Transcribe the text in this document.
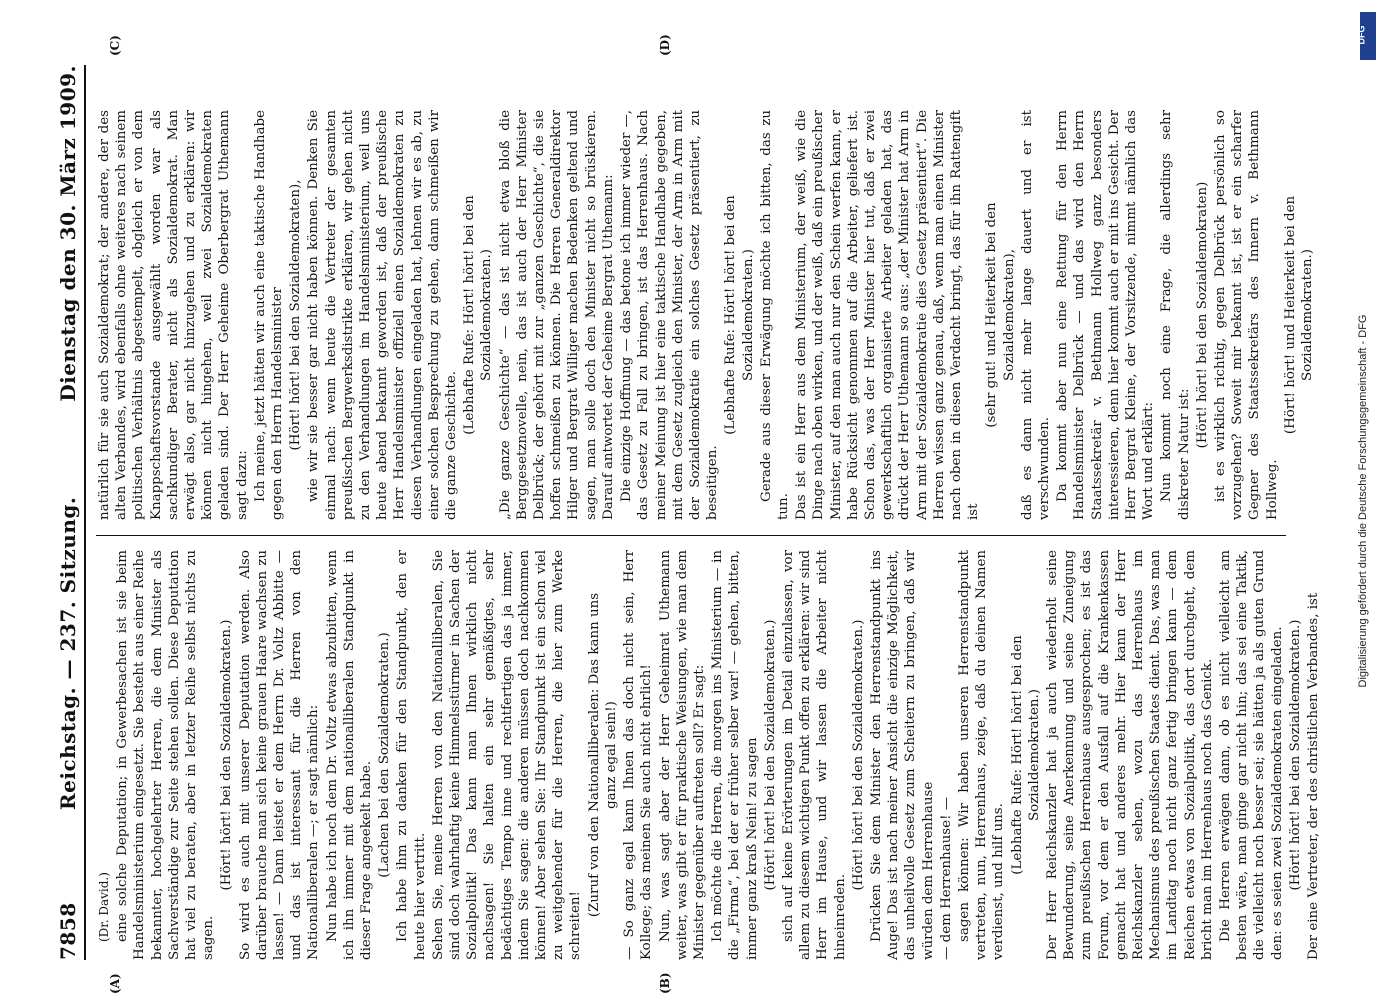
7858
Reichstag. — 237. Sitzung.
Dienstag den 30. März 1909.
(A)	(B)
(C)	(D)

(Dr. David.) eine solche Deputation; in Gewerbesachen ist sie beim Handelsministerium eingesetzt. Sie besteht aus einer Reihe bekannter, hochgelehrter Herren, die dem Minister als Sachverständige zur Seite stehen sollen. Diese Deputation hat viel zu beraten, aber in letzter Reihe selbst nichts zu sagen.

(Hört! hört! bei den Sozialdemokraten.) So wird es auch mit unserer Deputation werden. Also darüber brauche man sich keine grauen Haare wachsen zu lassen! — Dann leistet er dem Herrn Dr. Voltz Abbitte — und das ist interessant für die Herren von den Nationalliberalen —; er sagt nämlich: Nun habe ich noch dem Dr. Voltz etwas abzubitten, wenn ich ihn immer mit dem nationalliberalen Standpunkt in dieser Frage angeekelt habe. (Lachen bei den Sozialdemokraten.) Ich habe ihm zu danken für den Standpunkt, den er heute hier vertritt. Sehen Sie, meine Herren von den Nationalliberalen, Sie sind doch wahrhaftig keine Himmelsstürmer in Sachen der Sozialpolitik! Das kann man Ihnen wirklich nicht nachsagen! Sie halten ein sehr gemäßigtes, sehr bedächtiges Tempo inne und rechtfertigen das ja immer, indem Sie sagen: die anderen müssen doch nachkommen können! Aber sehen Sie: Ihr Standpunkt ist ein schon viel zu weitgehender für die Herren, die hier zum Werke schreiten!

(Zuruf von den Nationalliberalen: Das kann uns ganz egal sein!) — So ganz egal kann Ihnen das doch nicht sein, Herr Kollege; das meinen Sie auch nicht ehrlich! Nun, was sagt aber der Herr Geheimrat Uthemann weiter, was gibt er für praktische Weisungen, wie man dem Minister gegenüber auftreten soll? Er sagt: Ich möchte die Herren, die morgen ins Ministerium — in die „Firma“, bei der er früher selber war! — gehen, bitten, immer ganz kraß Nein! zu sagen (Hört! hört! bei den Sozialdemokraten.) sich auf keine Erörterungen im Detail einzulassen, vor allem zu diesem wichtigen Punkt offen zu erklären: wir sind Herr im Hause, und wir lassen die Arbeiter nicht hineinreden.

(Hört! hört! bei den Sozialdemokraten.) Drücken Sie dem Minister den Herrenstandpunkt ins Auge! Das ist nach meiner Ansicht die einzige Möglichkeit, das unheilvolle Gesetz zum Scheitern zu bringen, daß wir würden dem Herrenhause — dem Herrenhause! — sagen können: Wir haben unseren Herrenstandpunkt vertreten, nun, Herrenhaus, zeige, daß du deinen Namen verdienst, und hilf uns.

(Lebhafte Rufe: Hört! hört! bei den Sozialdemokraten.) Der Herr Reichskanzler hat ja auch wiederholt seine Bewunderung, seine Anerkennung und seine Zuneigung zum preußischen Herrenhause ausgesprochen; es ist das Forum, vor dem er den Ausfall auf die Krankenkassen gemacht hat und anderes mehr. Hier kann der Herr Reichskanzler sehen, wozu das Herrenhaus im Mechanismus des preußischen Staates dient. Das, was man im Landtag noch nicht ganz fertig bringen kann — dem Reichen etwas von Sozialpolitik, das dort durchgeht, dem bricht man im Herrenhaus noch das Genick. Die Herren erwägen dann, ob es nicht vielleicht am besten wäre, man ginge gar nicht hin; das sei eine Taktik, die vielleicht noch besser sei; sie hätten ja als guten Grund den: es seien zwei Sozialdemokraten eingeladen. (Hört! hört! bei den Sozialdemokraten.) Der eine Vertreter, der des christlichen Verbandes, ist

natürlich für sie auch Sozialdemokrat; der andere, der des alten Verbandes, wird ebenfalls ohne weiteres nach seinem politischen Verhältnis abgestempelt, obgleich er von dem Knappschaftsvorstande ausgewählt worden war als sachkundiger Berater, nicht als Sozialdemokrat. Man erwägt also, gar nicht hinzugehen und zu erklären: wir können nicht hingehen, weil zwei Sozialdemokraten geladen sind. Der Herr Geheime Oberbergrat Uthemann sagt dazu: Ich meine, jetzt hätten wir auch eine taktische Handhabe gegen den Herrn Handelsminister (Hört! hört! bei den Sozialdemokraten), wie wir sie besser gar nicht haben können. Denken Sie einmal nach: wenn heute die Vertreter der gesamten preußischen Bergwerksdistrikte erklären, wir gehen nicht zu den Verhandlungen im Handelsministerium, weil uns heute abend bekannt geworden ist, daß der preußische Herr Handelsminister offiziell einen Sozialdemokraten zu diesen Verhandlungen eingeladen hat, lehnen wir es ab, zu einer solchen Besprechung zu gehen, dann schmeißen wir die ganze Geschichte.

(Lebhafte Rufe: Hört! hört! bei den Sozialdemokraten.) „Die ganze Geschichte“ — das ist nicht etwa bloß die Berggesetznovelle, nein, das ist auch der Herr Minister Delbrück; der gehört mit zur „ganzen Geschichte“, die sie hoffen schmeißen zu können. Die Herren Generaldirektor Hilger und Bergrat Williger machen Bedenken geltend und sagen, man solle doch den Minister nicht so brüskieren. Darauf antwortet der Geheime Bergrat Uthemann: Die einzige Hoffnung — das betone ich immer wieder —, das Gesetz zu Fall zu bringen, ist das Herrenhaus. Nach meiner Meinung ist hier eine taktische Handhabe gegeben, mit dem Gesetz zugleich den Minister, der Arm in Arm mit der Sozialdemokratie ein solches Gesetz präsentiert, zu beseitigen.

(Lebhafte Rufe: Hört! hört! bei den Sozialdemokraten.) Gerade aus dieser Erwägung möchte ich bitten, das zu tun. Das ist ein Herr aus dem Ministerium, der weiß, wie die Dinge nach oben wirken, und der weiß, daß ein preußischer Minister, auf den man auch nur den Schein werfen kann, er habe Rücksicht genommen auf die Arbeiter, geliefert ist. Schon das, was der Herr Minister hier tut, daß er zwei gewerkschaftlich organisierte Arbeiter geladen hat, das drückt der Herr Uthemann so aus: „der Minister hat Arm in Arm mit der Sozialdemokratie dies Gesetz präsentiert“. Die Herren wissen ganz genau, daß, wenn man einen Minister nach oben in diesen Verdacht bringt, das für ihn Rattengift ist

(sehr gut! und Heiterkeit bei den Sozialdemokraten), daß es dann nicht mehr lange dauert und er ist verschwunden. Da kommt aber nun eine Rettung für den Herrn Handelsminister Delbrück — und das wird den Herrn Staatssekretär v. Bethmann Hollweg ganz besonders interessieren, denn hier kommt auch er mit ins Gesicht. Der Herr Bergrat Kleine, der Vorsitzende, nimmt nämlich das Wort und erklärt: Nun kommt noch eine Frage, die allerdings sehr diskreter Natur ist:

(Hört! hört! bei den Sozialdemokraten) ist es wirklich richtig, gegen Delbrück persönlich so vorzugehen? Soweit mir bekannt ist, ist er ein scharfer Gegner des Staatssekretärs des Innern v. Bethmann Hollweg.

(Hört! hört! und Heiterkeit bei den Sozialdemokraten.)

DFG
Digitalisierung gefördert durch die Deutsche Forschungsgemeinschaft - DFG
